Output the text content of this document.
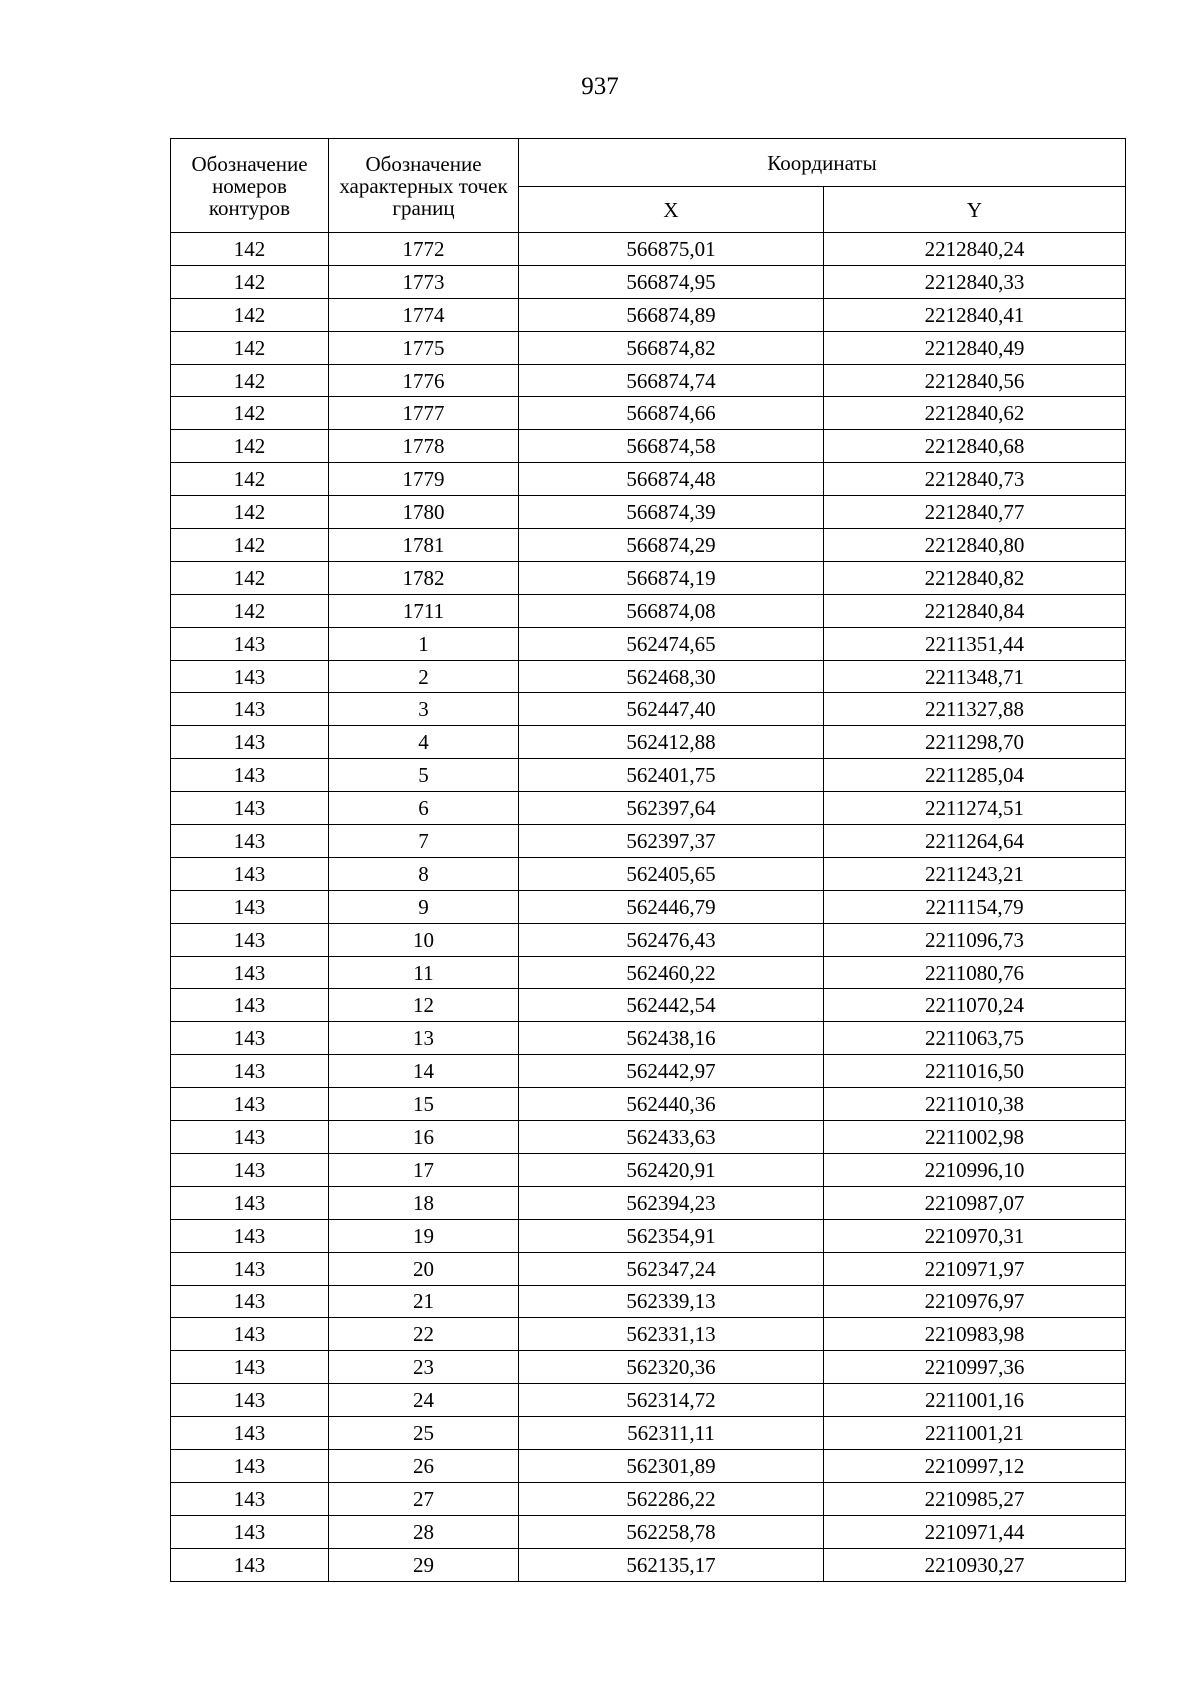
937
Обозначение номеров контуров	Обозначение характерных точек границ	Координаты	
		X	Y
142	1772	566875,01	2212840,24
142	1773	566874,95	2212840,33
142	1774	566874,89	2212840,41
142	1775	566874,82	2212840,49
142	1776	566874,74	2212840,56
142	1777	566874,66	2212840,62
142	1778	566874,58	2212840,68
142	1779	566874,48	2212840,73
142	1780	566874,39	2212840,77
142	1781	566874,29	2212840,80
142	1782	566874,19	2212840,82
142	1711	566874,08	2212840,84
143	1	562474,65	2211351,44
143	2	562468,30	2211348,71
143	3	562447,40	2211327,88
143	4	562412,88	2211298,70
143	5	562401,75	2211285,04
143	6	562397,64	2211274,51
143	7	562397,37	2211264,64
143	8	562405,65	2211243,21
143	9	562446,79	2211154,79
143	10	562476,43	2211096,73
143	11	562460,22	2211080,76
143	12	562442,54	2211070,24
143	13	562438,16	2211063,75
143	14	562442,97	2211016,50
143	15	562440,36	2211010,38
143	16	562433,63	2211002,98
143	17	562420,91	2210996,10
143	18	562394,23	2210987,07
143	19	562354,91	2210970,31
143	20	562347,24	2210971,97
143	21	562339,13	2210976,97
143	22	562331,13	2210983,98
143	23	562320,36	2210997,36
143	24	562314,72	2211001,16
143	25	562311,11	2211001,21
143	26	562301,89	2210997,12
143	27	562286,22	2210985,27
143	28	562258,78	2210971,44
143	29	562135,17	2210930,27
